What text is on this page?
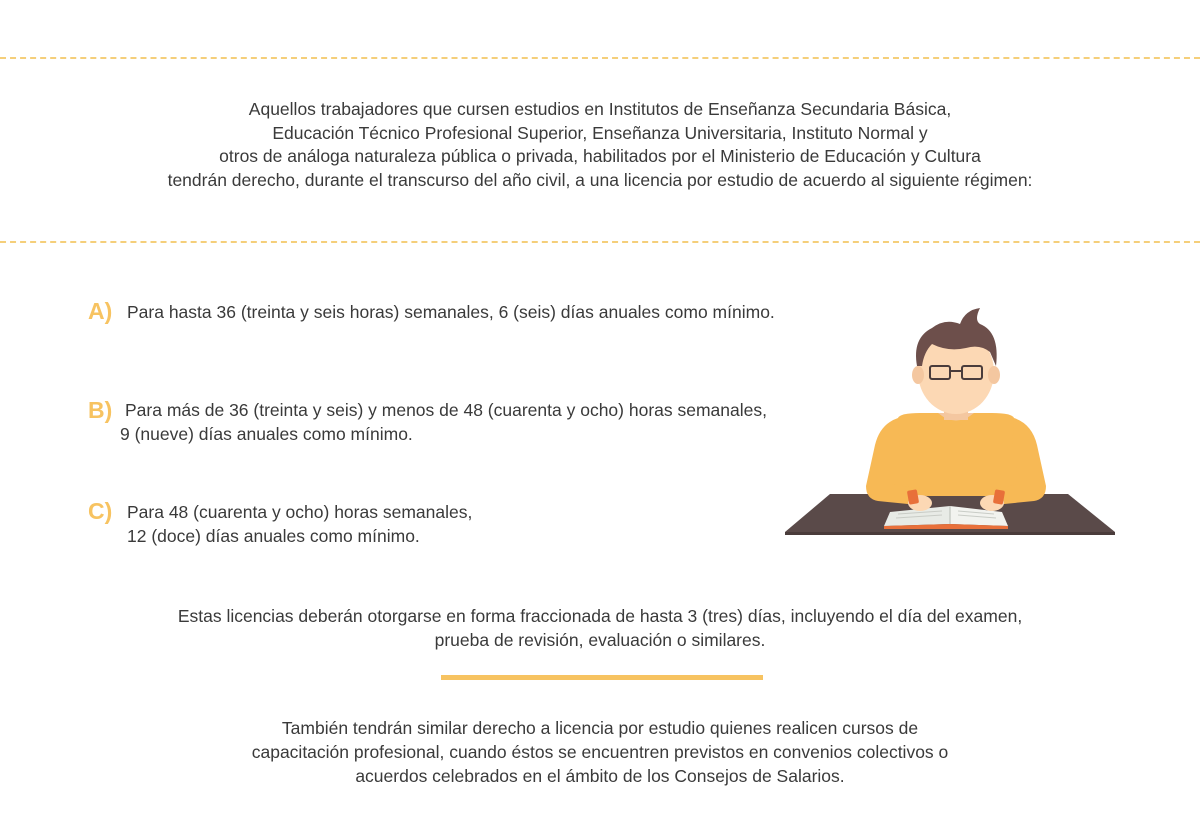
Aquellos trabajadores que cursen estudios en Institutos de Enseñanza Secundaria Básica,
Educación Técnico Profesional Superior, Enseñanza Universitaria, Instituto Normal y
otros de análoga naturaleza pública o privada, habilitados por el Ministerio de Educación y Cultura
tendrán derecho, durante el transcurso del año civil, a una licencia por estudio de acuerdo al siguiente régimen:
A) Para hasta 36 (treinta y seis horas) semanales, 6 (seis) días anuales como mínimo.
B) Para más de 36 (treinta y seis) y menos de 48 (cuarenta y ocho) horas semanales,
9 (nueve) días anuales como mínimo.
C) Para 48 (cuarenta y ocho) horas semanales,
12 (doce) días anuales como mínimo.
Estas licencias deberán otorgarse en forma fraccionada de hasta 3 (tres) días, incluyendo el día del examen,
prueba de revisión, evaluación o similares.
También tendrán similar derecho a licencia por estudio quienes realicen cursos de
capacitación profesional, cuando éstos se encuentren previstos en convenios colectivos o
acuerdos celebrados en el ámbito de los Consejos de Salarios.
